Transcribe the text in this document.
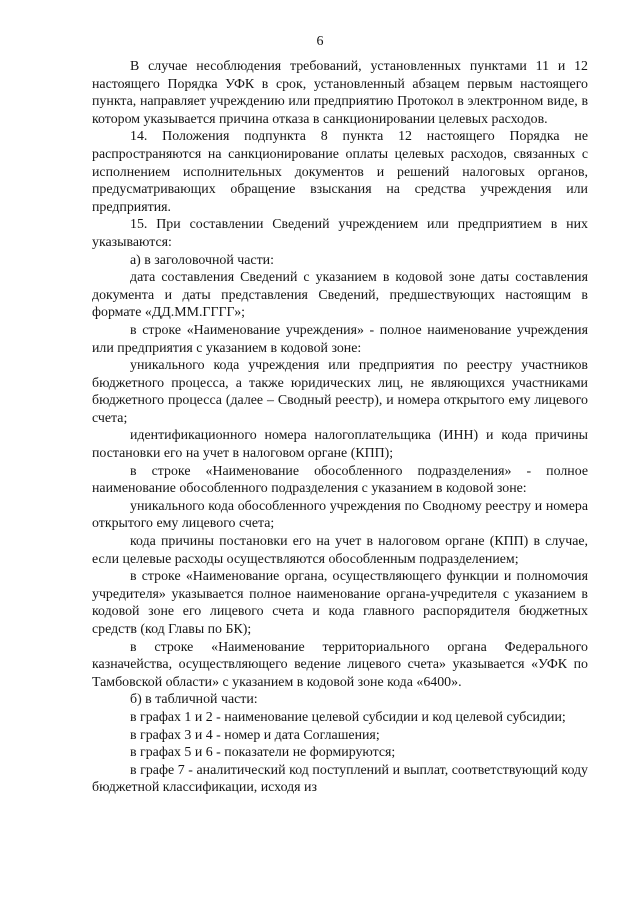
6

В случае несоблюдения требований, установленных пунктами 11 и 12 настоящего Порядка УФК в срок, установленный абзацем первым настоящего пункта, направляет учреждению или предприятию Протокол в электронном виде, в котором указывается причина отказа в санкционировании целевых расходов.

14. Положения подпункта 8 пункта 12 настоящего Порядка не распространяются на санкционирование оплаты целевых расходов, связанных с исполнением исполнительных документов и решений налоговых органов, предусматривающих обращение взыскания на средства учреждения или предприятия.

15. При составлении Сведений учреждением или предприятием в них указываются:

а) в заголовочной части:

дата составления Сведений с указанием в кодовой зоне даты составления документа и даты представления Сведений, предшествующих настоящим в формате «ДД.ММ.ГГГГ»;

в строке «Наименование учреждения» - полное наименование учреждения или предприятия с указанием в кодовой зоне:

уникального кода учреждения или предприятия по реестру участников бюджетного процесса, а также юридических лиц, не являющихся участниками бюджетного процесса (далее – Сводный реестр), и номера открытого ему лицевого счета;

идентификационного номера налогоплательщика (ИНН) и кода причины постановки его на учет в налоговом органе (КПП);

в строке «Наименование обособленного подразделения» - полное наименование обособленного подразделения с указанием в кодовой зоне:

уникального кода обособленного учреждения по Сводному реестру и номера открытого ему лицевого счета;

кода причины постановки его на учет в налоговом органе (КПП) в случае, если целевые расходы осуществляются обособленным подразделением;

в строке «Наименование органа, осуществляющего функции и полномочия учредителя» указывается полное наименование органа-учредителя с указанием в кодовой зоне его лицевого счета и кода главного распорядителя бюджетных средств (код Главы по БК);

в строке «Наименование территориального органа Федерального казначейства, осуществляющего ведение лицевого счета» указывается «УФК по Тамбовской области» с указанием в кодовой зоне кода «6400».

б) в табличной части:

в графах 1 и 2 - наименование целевой субсидии и код целевой субсидии;

в графах 3 и 4 - номер и дата Соглашения;

в графах 5 и 6 - показатели не формируются;

в графе 7 - аналитический код поступлений и выплат, соответствующий коду бюджетной классификации, исходя из
